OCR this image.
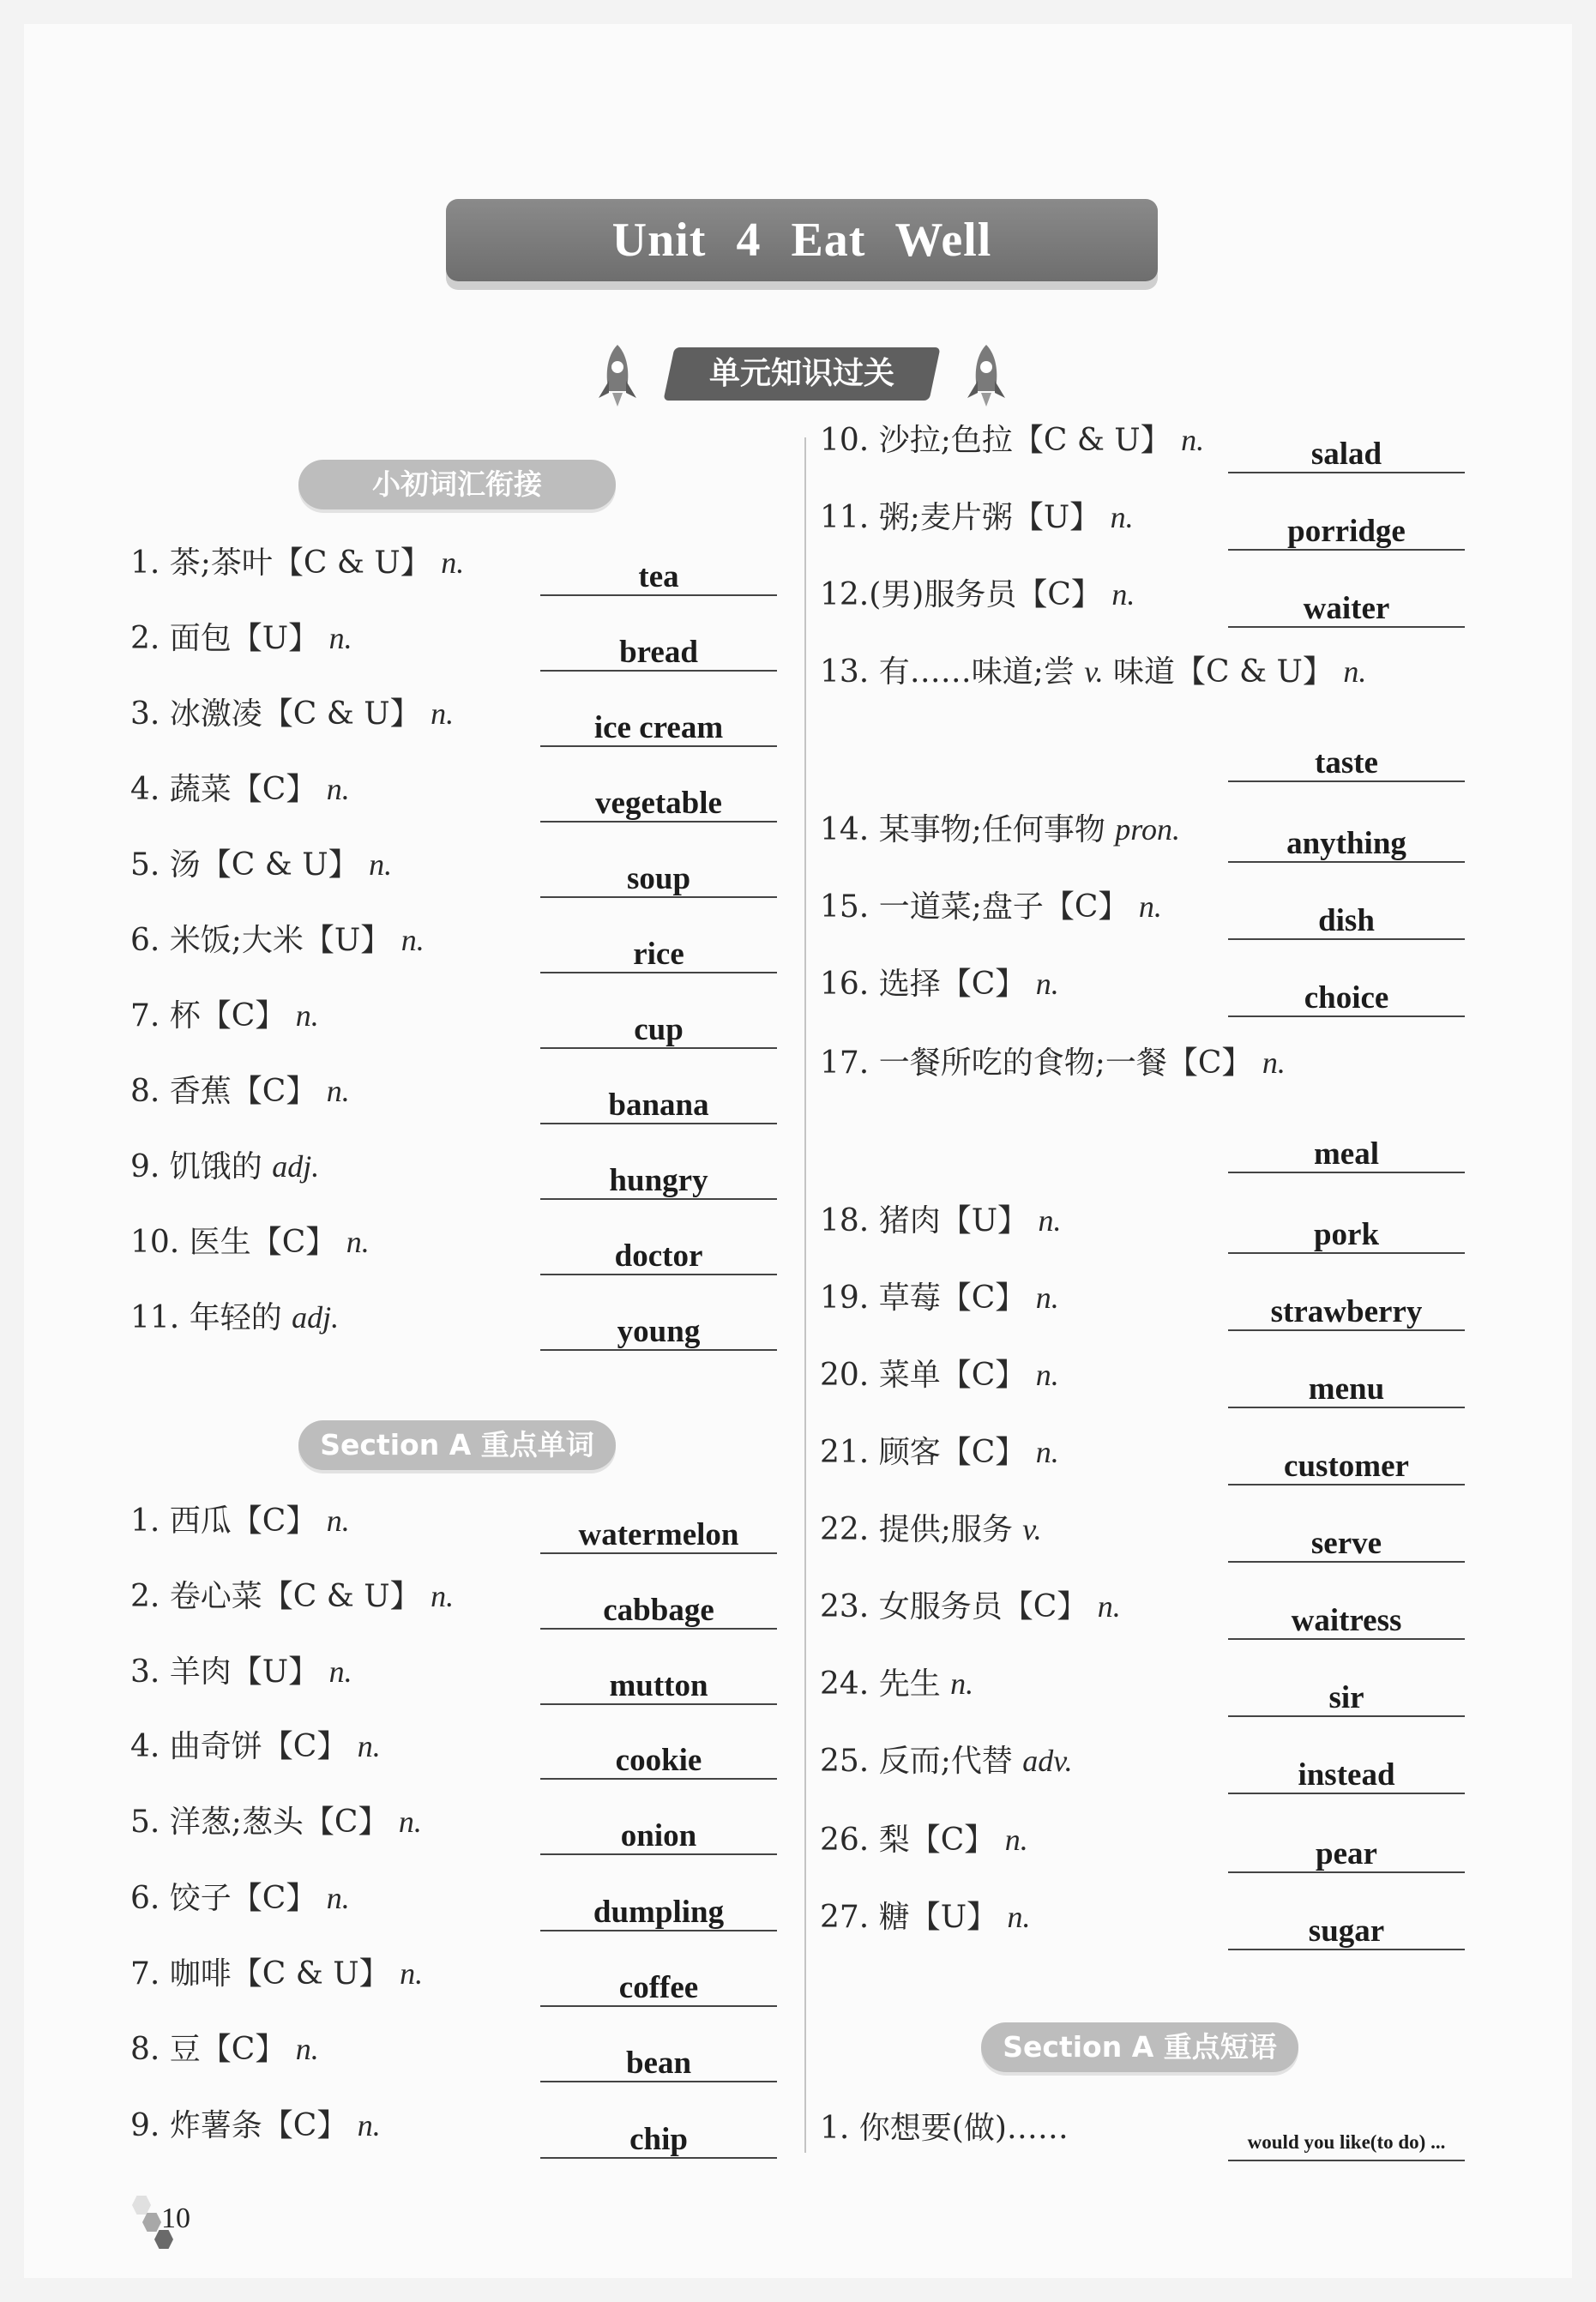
Unit 4 Eat Well
单元知识过关
小初词汇衔接
Section A 重点单词
Section A 重点短语
1. 茶;茶叶【C & U】 n.	tea
2. 面包【U】 n.	bread
3. 冰激凌【C & U】 n.	ice cream
4. 蔬菜【C】 n.	vegetable
5. 汤【C & U】 n.	soup
6. 米饭;大米【U】 n.	rice
7. 杯【C】 n.	cup
8. 香蕉【C】 n.	banana
9. 饥饿的 adj.	hungry
10. 医生【C】 n.	doctor
11. 年轻的 adj.	young
1. 西瓜【C】 n.	watermelon
2. 卷心菜【C & U】 n.	cabbage
3. 羊肉【U】 n.	mutton
4. 曲奇饼【C】 n.	cookie
5. 洋葱;葱头【C】 n.	onion
6. 饺子【C】 n.	dumpling
7. 咖啡【C & U】 n.	coffee
8. 豆【C】 n.	bean
9. 炸薯条【C】 n.	chip
10. 沙拉;色拉【C & U】 n.	salad
11. 粥;麦片粥【U】 n.	porridge
12.(男)服务员【C】 n.	waiter
13. 有……味道;尝 v. 味道【C & U】 n.
taste
14. 某事物;任何事物 pron.	anything
15. 一道菜;盘子【C】 n.	dish
16. 选择【C】 n.	choice
17. 一餐所吃的食物;一餐【C】 n.
meal
18. 猪肉【U】 n.	pork
19. 草莓【C】 n.	strawberry
20. 菜单【C】 n.	menu
21. 顾客【C】 n.	customer
22. 提供;服务 v.	serve
23. 女服务员【C】 n.	waitress
24. 先生 n.	sir
25. 反而;代替 adv.	instead
26. 梨【C】 n.	pear
27. 糖【U】 n.	sugar
1. 你想要(做)……	would you like(to do) ...
10
